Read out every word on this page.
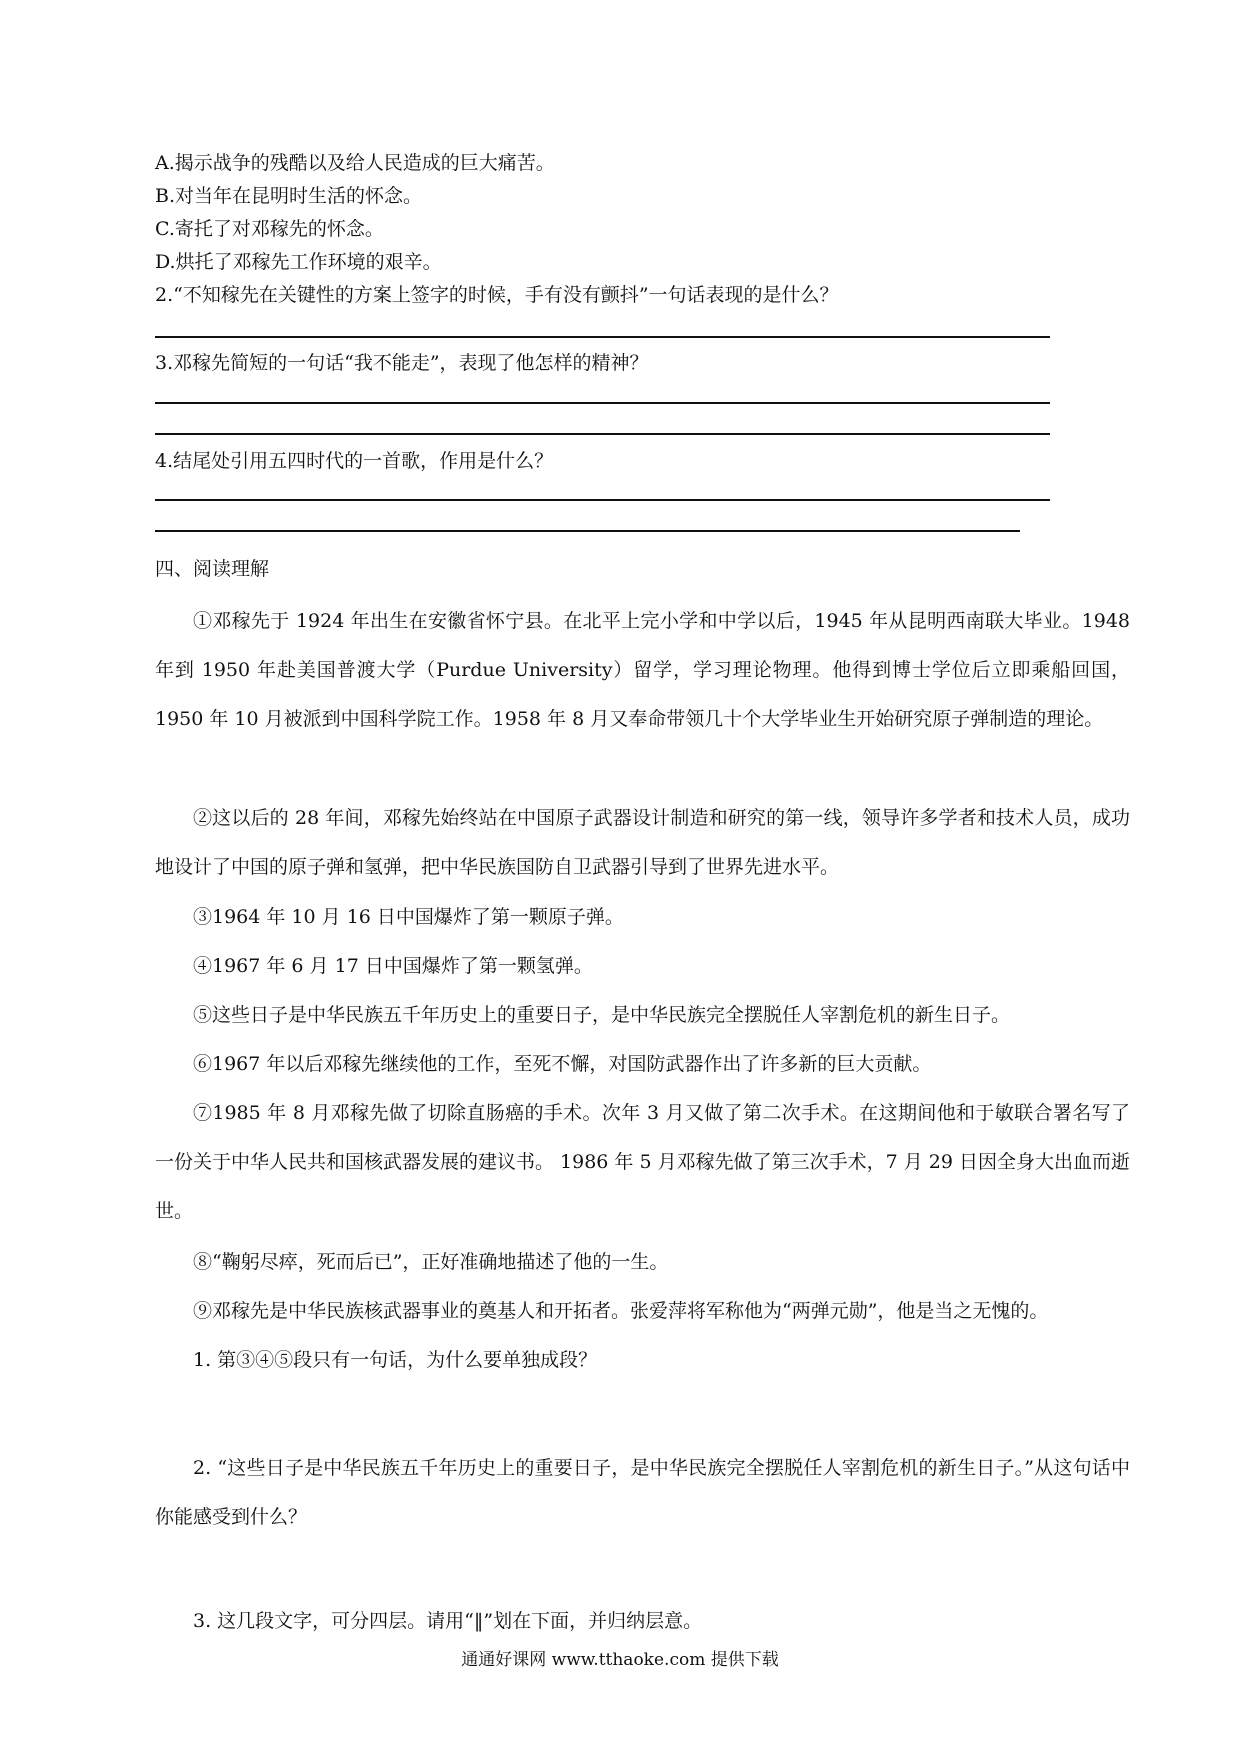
A.揭示战争的残酷以及给人民造成的巨大痛苦。

B.对当年在昆明时生活的怀念。

C.寄托了对邓稼先的怀念。

D.烘托了邓稼先工作环境的艰辛。

2.“不知稼先在关键性的方案上签字的时候，手有没有颤抖”一句话表现的是什么？

3.邓稼先简短的一句话“我不能走”，表现了他怎样的精神？

4.结尾处引用五四时代的一首歌，作用是什么？

四、阅读理解

①邓稼先于 1924 年出生在安徽省怀宁县。在北平上完小学和中学以后，1945 年从昆明西南联大毕业。1948 年到 1950 年赴美国普渡大学（Purdue University）留学，学习理论物理。他得到博士学位后立即乘船回国，1950 年 10 月被派到中国科学院工作。1958 年 8 月又奉命带领几十个大学毕业生开始研究原子弹制造的理论。

②这以后的 28 年间，邓稼先始终站在中国原子武器设计制造和研究的第一线，领导许多学者和技术人员，成功地设计了中国的原子弹和氢弹，把中华民族国防自卫武器引导到了世界先进水平。

③1964 年 10 月 16 日中国爆炸了第一颗原子弹。

④1967 年 6 月 17 日中国爆炸了第一颗氢弹。

⑤这些日子是中华民族五千年历史上的重要日子，是中华民族完全摆脱任人宰割危机的新生日子。

⑥1967 年以后邓稼先继续他的工作，至死不懈，对国防武器作出了许多新的巨大贡献。

⑦1985 年 8 月邓稼先做了切除直肠癌的手术。次年 3 月又做了第二次手术。在这期间他和于敏联合署名写了一份关于中华人民共和国核武器发展的建议书。 1986 年 5 月邓稼先做了第三次手术，7 月 29 日因全身大出血而逝世。

⑧“鞠躬尽瘁，死而后已”，正好准确地描述了他的一生。

⑨邓稼先是中华民族核武器事业的奠基人和开拓者。张爱萍将军称他为“两弹元勋”，他是当之无愧的。

1. 第③④⑤段只有一句话，为什么要单独成段？

2. “这些日子是中华民族五千年历史上的重要日子，是中华民族完全摆脱任人宰割危机的新生日子。”从这句话中你能感受到什么？

3. 这几段文字，可分四层。请用“‖”划在下面，并归纳层意。

通通好课网 www.tthaoke.com 提供下载
